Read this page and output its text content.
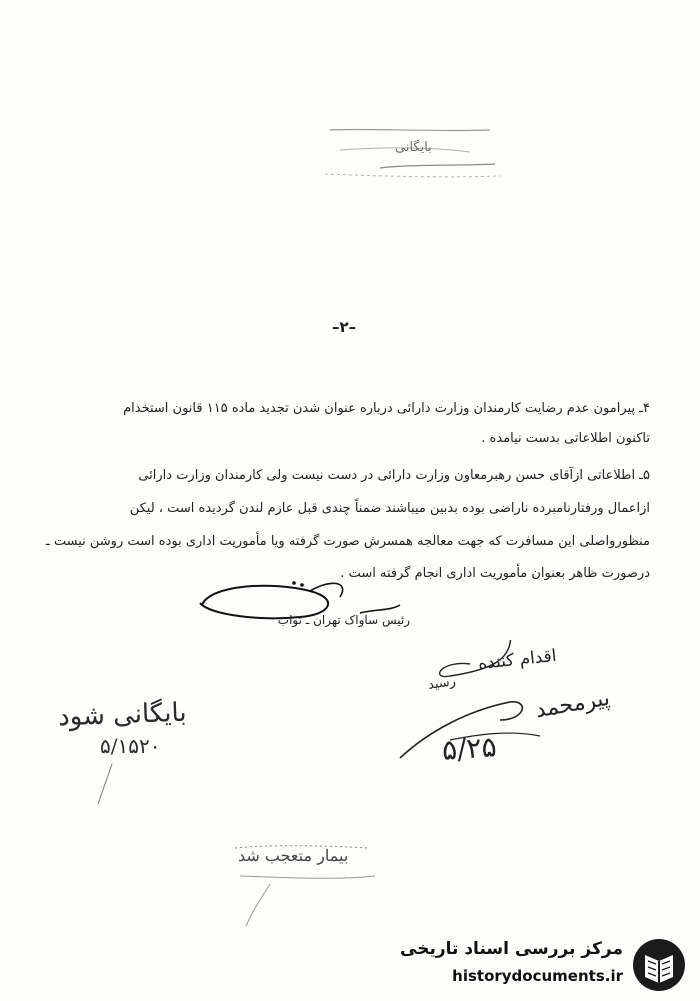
بایگانی
–۲–
۴ـ پیرامون عدم رضایت کارمندان وزارت دارائی درباره عنوان شدن تجدید ماده ۱۱۵ قانون استخدام
تاکنون اطلاعاتی بدست نیامده .
۵ـ اطلاعاتی ازآقای حسن رهبرمعاون وزارت دارائی در دست نیست ولی کارمندان وزارت دارائی
ازاعمال ورفتارنامبرده ناراضی بوده بدبین میباشند ضمناً چندی قبل عازم لندن گردیده است ، لیکن
منظورواصلی این مسافرت که جهت معالجه همسرش صورت گرفته ویا مأموریت اداری بوده است روشن نیست ـ
درصورت ظاهر بعنوان مأموریت اداری انجام گرفته است .
رئیس ساواک تهران ـ ثواب
اقدام کننده
رسید
پیرمحمد
۵/۲۵
بایگانی شود
۵/۱۵۲۰
بیمار متعجب شد
مرکز بررسی اسناد تاریخی
historydocuments.ir
